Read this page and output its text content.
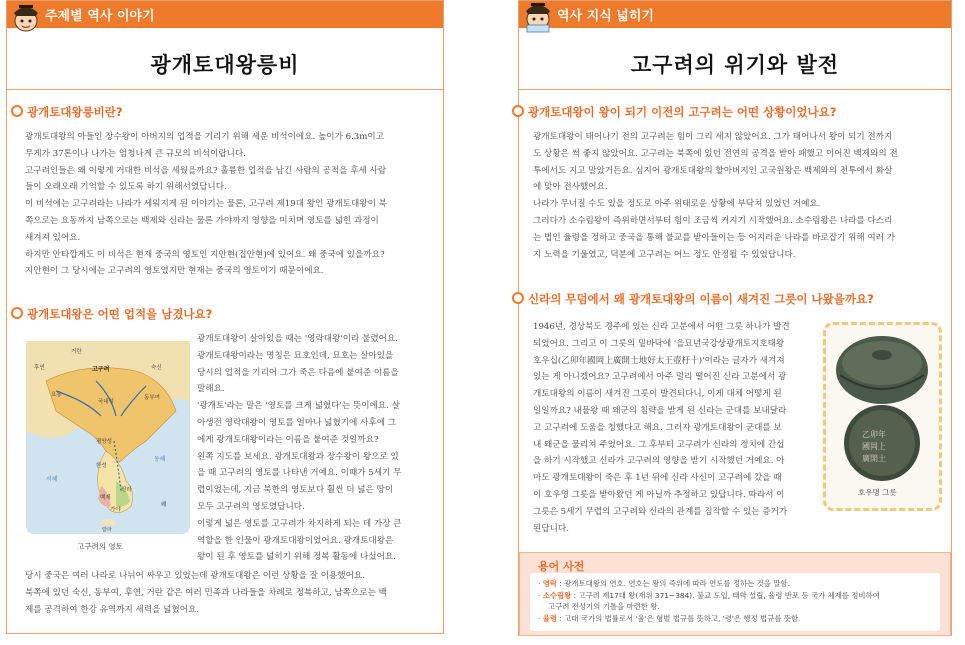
주제별 역사 이야기
광개토대왕릉비
광개토대왕릉비란?

광개토대왕의 아들인 장수왕이 아버지의 업적을 기리기 위해 세운 비석이에요. 높이가 6.3m이고

무게가 37톤이나 나가는 엄청나게 큰 규모의 비석이랍니다.

고구려인들은 왜 이렇게 거대한 비석을 세웠을까요? 훌륭한 업적을 남긴 사람의 공적을 후세 사람

들이 오래오래 기억할 수 있도록 하기 위해서였답니다.

이 비석에는 고구려라는 나라가 세워지게 된 이야기는 물론, 고구려 제19대 왕인 광개토대왕이 북

쪽으로는 요동까지 남쪽으로는 백제와 신라는 물론 가야까지 영향을 미치며 영토를 넓힌 과정이

새겨져 있어요.

하지만 안타깝게도 이 비석은 현재 중국의 영토인 지안현(집안현)에 있어요. 왜 중국에 있을까요?

지안현이 그 당시에는 고구려의 영토였지만 현재는 중국의 영토이기 때문이에요.

광개토대왕은 어떤 업적을 남겼나요?
거란
후연	고구려	숙신
동부여
요동
국내성
평양성
한성
백제
신라
가야
왜
서해
동해
탐라
고구려의 영토

광개토대왕이 살아있을 때는 '영락대왕'이라 불렸어요.

광개토대왕이라는 명칭은 묘호인데, 묘호는 살아있을

당시의 업적을 기리어 그가 죽은 다음에 붙여준 이름을

말해요.

'광개토'라는 말은 '영토를 크게 넓혔다'는 뜻이에요. 살

아생전 영락대왕이 영토를 얼마나 넓혔기에 사후에 그

에게 광개토대왕이라는 이름을 붙여준 것일까요?

왼쪽 지도를 보세요. 광개토대왕과 장수왕이 왕으로 있

을 때 고구려의 영토를 나타낸 거예요. 이때가 5세기 무

렵이었는데, 지금 북한의 영토보다 훨씬 더 넓은 땅이

모두 고구려의 영토였답니다.

이렇게 넓은 영토를 고구려가 차지하게 되는 데 가장 큰

역할을 한 인물이 광개토대왕이었어요. 광개토대왕은

왕이 된 후 영토를 넓히기 위해 정복 활동에 나섰어요.

당시 중국은 여러 나라로 나뉘어 싸우고 있었는데 광개토대왕은 이런 상황을 잘 이용했어요.

북쪽에 있던 숙신, 동부여, 후연, 거란 같은 여러 민족과 나라들을 차례로 정복하고, 남쪽으로는 백

제를 공격하여 한강 유역까지 세력을 넓혔어요.

역사 지식 넓히기
고구려의 위기와 발전
광개토대왕이 왕이 되기 이전의 고구려는 어떤 상황이었나요?

광개토대왕이 태어나기 전의 고구려는 힘이 그리 세지 않았어요. 그가 태어나서 왕이 되기 전까지

도 상황은 썩 좋지 않았어요. 고구려는 북쪽에 있던 전연의 공격을 받아 패했고 이어진 백제와의 전

투에서도 지고 말았거든요. 심지어 광개토대왕의 할아버지인 고국원왕은 백제와의 전투에서 화살

에 맞아 전사했어요.

나라가 무너질 수도 있을 정도로 아주 위태로운 상황에 부닥쳐 있었던 거예요.

그러다가 소수림왕이 즉위하면서부터 힘이 조금씩 커지기 시작했어요. 소수림왕은 나라를 다스리

는 법인 율령을 정하고 중국을 통해 불교를 받아들이는 등 어지러운 나라를 바로잡기 위해 여러 가

지 노력을 기울였고, 덕분에 고구려는 어느 정도 안정될 수 있었답니다.

신라의 무덤에서 왜 광개토대왕의 이름이 새겨진 그릇이 나왔을까요?

1946년, 경상북도 경주에 있는 신라 고분에서 어떤 그릇 하나가 발견

되었어요. 그리고 이 그릇의 밑바닥에 '을묘년국강상광개토지호태왕

호우십(乙卯年國岡上廣開土地好太王壺杅十)'이라는 글자가 새겨져

있는 게 아니겠어요? 고구려에서 아주 멀리 떨어진 신라 고분에서 광

개토대왕의 이름이 새겨진 그릇이 발견되다니, 이게 대체 어떻게 된

일일까요? 내물왕 때 왜군의 침략을 받게 된 신라는 군대를 보내달라

고 고구려에 도움을 청했다고 해요. 그러자 광개토대왕이 군대를 보

내 왜군을 물리쳐 주었어요. 그 후부터 고구려가 신라의 정치에 간섭

을 하기 시작했고 신라가 고구려의 영향을 받기 시작했던 거예요. 아

마도 광개토대왕이 죽은 후 1년 뒤에 신라 사신이 고구려에 갔을 때

이 호우명 그릇을 받아왔던 게 아닐까 추정하고 있답니다. 따라서 이

그릇은 5세기 무렵의 고구려와 신라의 관계를 짐작할 수 있는 증거가

된답니다.

乙卯年
國岡上
廣開土
호우명 그릇
용어 사전
· 영락 : 광개토대왕의 연호. 연호는 왕의 즉위에 따라 연도를 정하는 것을 말함.
· 소수림왕 : 고구려 제17대 왕(재위 371~384). 불교 도입, 태학 설립, 율령 반포 등 국가 체제를 정비하여
고구려 전성기의 기틀을 마련한 왕.
· 율령 : 고대 국가의 법률로서 '율'은 형벌 법규를 뜻하고, '령'은 행정 법규를 뜻함.
